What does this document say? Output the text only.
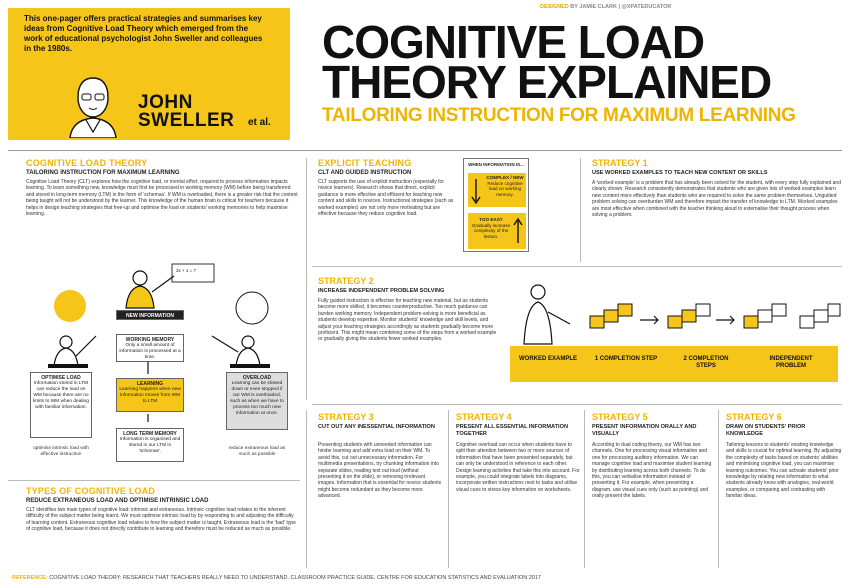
This one-pager offers practical strategies and summarises key ideas from Cognitive Load Theory which emerged from the work of educational psychologist John Sweller and colleagues in the 1980s.
JOHN
SWELLER et al.
DESIGNED BY JAMIE CLARK | @XPATEDUCATOR
COGNITIVE LOAD
THEORY EXPLAINED
TAILORING INSTRUCTION FOR MAXIMUM LEARNING
COGNITIVE LOAD THEORY
TAILORING INSTRUCTION FOR MAXIMUM LEARNING
Cognitive Load Theory (CLT) explores how the cognitive load, or mental effort, required to process information impacts learning. To learn something new, knowledge must first be processed in working memory (WM) before being transferred and stored in long-term memory (LTM) in the form of 'schemas'. If WM is overloaded, there is a greater risk that the content being taught will not be understood by the learner. This knowledge of the human brain is critical for teachers because it helps in design teaching strategies that free-up and optimise the load on students' working memories to help maximise learning.
EXPLICIT TEACHING
CLT AND GUIDED INSTRUCTION
CLT supports the use of explicit instruction (especially for novice learners). Research shows that direct, explicit guidance is more effective and efficient for teaching new content and skills to novices. Instructional strategies (such as worked examples) are not only more motivating but are effective because they reduce cognitive load.
WHEN INFORMATION IS...
COMPLEX / NEW
Reduce cognitive load on working memory.
TOO EASY
Gradually increase complexity of the lesson.
STRATEGY 1
USE WORKED EXAMPLES TO TEACH NEW CONTENT OR SKILLS
A 'worked example' is a problem that has already been solved for the student, with every step fully explained and clearly shown. Research consistently demonstrates that students who are given lots of worked examples learn new content more effectively than students who are required to solve the same problem themselves. Unguided problem solving can overburden WM and therefore impact the transfer of knowledge to LTM. Worked examples are most effective when combined with the teacher thinking aloud to externalise their thought process when solving a problem.
3x + 1 = 7
NEW INFORMATION
WORKING MEMORY
Only a small amount of information is processed at a time.
LEARNING
Learning happens when new information moves from WM to LTM
LONG TERM MEMORY
Information is organised and stored in our LTM in 'schemas'.
OPTIMISE LOAD
Information stored in LTM can reduce the load on WM because there are no limits to WM when dealing with familiar information.
optimise intrinsic load with effective instruction
OVERLOAD
Learning can be slowed down or even stopped if our WM is overloaded, such as when we have to process too much new information at once.
reduce extraneous load as much as possible
TYPES OF COGNITIVE LOAD
REDUCE EXTRANEOUS LOAD AND OPTIMISE INTRINSIC LOAD
CLT identifies two main types of cognitive load: intrinsic and extraneous. Intrinsic cognitive load relates to the inherent difficulty of the subject matter being learnt. We must optimise intrinsic load by by responding to and adjusting the difficulty of learning content. Extraneous cognitive load relates to how the subject matter is taught. Extraneous load is the 'bad' type of cognitive load, because it does not directly contribute to learning and therefore must be reduced as much as possible.
STRATEGY 2
INCREASE INDEPENDENT PROBLEM SOLVING
Fully guided instruction is effective for teaching new material, but as students become more skilled, it becomes counterproductive. Too much guidance can burden working memory. Independent problem-solving is more beneficial as students develop expertise. Monitor students' knowledge and skill levels, and adjust your teaching strategies accordingly as students gradually become more proficient. This might mean combining some of the steps from a worked example or gradually giving the students fewer worked examples.
WORKED EXAMPLE	1 COMPLETION STEP	2 COMPLETION STEPS
INDEPENDENT PROBLEM
STRATEGY 3
CUT OUT ANY INESSENTIAL INFORMATION
Presenting students with unneeded information can hinder learning and add extra load on their WM. To avoid this, cut out unnecessary information. For multimedia presentations, try chunking information into separate slides, reading text out loud (without presenting it on the slide), or removing irrelevant images. Information that is essential for novice students might become redundant as they become more advanced.
STRATEGY 4
PRESENT ALL ESSENTIAL INFORMATION TOGETHER
Cognitive overload can occur when students have to split their attention between two or more sources of information that have been presented separately, but can only be understood in reference to each other. Design learning activities that take this into account. For example, you could integrate labels into diagrams, incorporate written instructions next to tasks and utilise visual cues to stress key information on worksheets.
STRATEGY 5
PRESENT INFORMATION ORALLY AND VISUALLY
According to dual coding theory, our WM has two channels. One for processing visual information and one for processing auditory information. We can manage cognitive load and maximise student learning by distributing learning across both channels. To do this, you can verbalise information instead of presenting it. For example, when presenting a diagram, use visual cues only (such as pointing) and orally present the labels.
STRATEGY 6
DRAW ON STUDENTS' PRIOR KNOWLEDGE
Tailoring lessons to students' existing knowledge and skills is crucial for optimal learning. By adjusting the complexity of tasks based on students' abilities and minimising cognitive load, you can maximise learning outcomes. You can activate students' prior knowledge by relating new information to what students already know with analogies, real-world examples, or comparing and contrasting with familiar ideas.
REFERENCE: COGNITIVE LOAD THEORY: RESEARCH THAT TEACHERS REALLY NEED TO UNDERSTAND. CLASSROOM PRACTICE GUIDE. CENTRE FOR EDUCATION STATISTICS AND EVALUATION 2017
